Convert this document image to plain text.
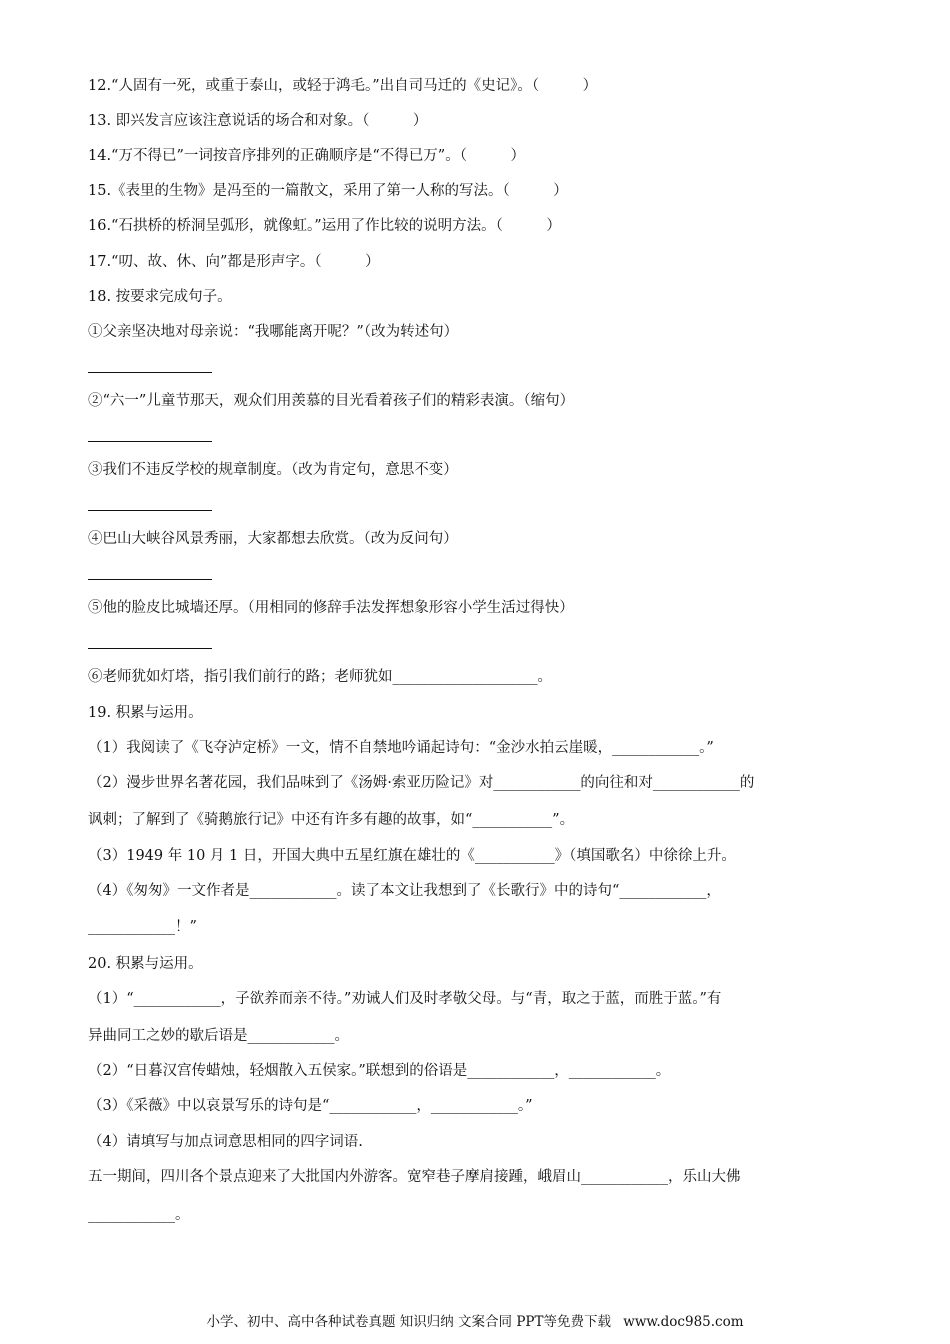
12.“人固有一死，或重于泰山，或轻于鸿毛。”出自司马迁的《史记》。（　　　）
13. 即兴发言应该注意说话的场合和对象。（　　　）
14.“万不得已”一词按音序排列的正确顺序是“不得已万”。（　　　）
15.《表里的生物》是冯至的一篇散文，采用了第一人称的写法。（　　　）
16.“石拱桥的桥洞呈弧形，就像虹。”运用了作比较的说明方法。（　　　）
17.“叨、故、休、向”都是形声字。（　　　）
18. 按要求完成句子。
①父亲坚决地对母亲说：“我哪能离开呢？”（改为转述句）
②“六一”儿童节那天，观众们用羡慕的目光看着孩子们的精彩表演。（缩句）
③我们不违反学校的规章制度。（改为肯定句，意思不变）
④巴山大峡谷风景秀丽，大家都想去欣赏。（改为反问句）
⑤他的脸皮比城墙还厚。（用相同的修辞手法发挥想象形容小学生活过得快）
⑥老师犹如灯塔，指引我们前行的路；老师犹如____________________。
19. 积累与运用。
（1）我阅读了《飞夺泸定桥》一文，情不自禁地吟诵起诗句：“金沙水拍云崖暖，____________。”
（2）漫步世界名著花园，我们品味到了《汤姆·索亚历险记》对____________的向往和对____________的
讽刺；了解到了《骑鹅旅行记》中还有许多有趣的故事，如“___________”。
（3）1949 年 10 月 1 日，开国大典中五星红旗在雄壮的《___________》（填国歌名）中徐徐上升。
（4）《匆匆》一文作者是____________。读了本文让我想到了《长歌行》中的诗句“____________，
____________！”
20. 积累与运用。
（1）“____________，子欲养而亲不待。”劝诫人们及时孝敬父母。与“青，取之于蓝，而胜于蓝。”有
异曲同工之妙的歇后语是____________。
（2）“日暮汉宫传蜡烛，轻烟散入五侯家。”联想到的俗语是____________，____________。
（3）《采薇》中以哀景写乐的诗句是“____________，____________。”
（4）请填写与加点词意思相同的四字词语.
五一期间，四川各个景点迎来了大批国内外游客。宽窄巷子摩肩接踵，峨眉山____________，乐山大佛
____________。
小学、初中、高中各种试卷真题 知识归纳 文案合同 PPT等免费下载 www.doc985.com
